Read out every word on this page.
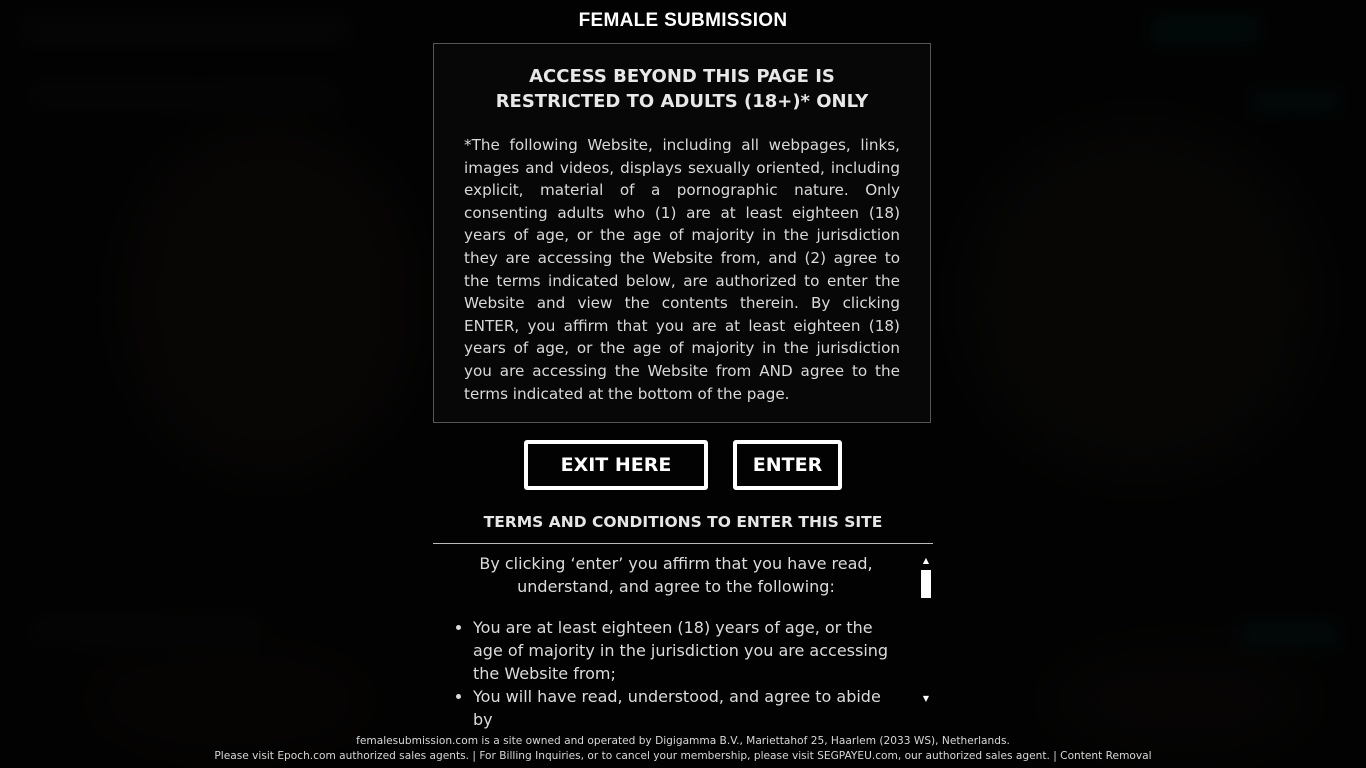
FEMALE SUBMISSION
ACCESS BEYOND THIS PAGE IS
RESTRICTED TO ADULTS (18+)* ONLY
*The following Website, including all webpages, links, images and videos, displays sexually oriented, including explicit, material of a pornographic nature. Only consenting adults who (1) are at least eighteen (18) years of age, or the age of majority in the jurisdiction they are accessing the Website from, and (2) agree to the terms indicated below, are authorized to enter the Website and view the contents therein. By clicking ENTER, you affirm that you are at least eighteen (18) years of age, or the age of majority in the jurisdiction you are accessing the Website from AND agree to the terms indicated at the bottom of the page.
EXIT HERE	ENTER
TERMS AND CONDITIONS TO ENTER THIS SITE

By clicking ‘enter’ you affirm that you have read, understand, and agree to the following:

• You are at least eighteen (18) years of age, or the age of majority in the jurisdiction you are accessing the Website from;
• You will have read, understood, and agree to abide by
▲
▼
femalesubmission.com is a site owned and operated by Digigamma B.V., Mariettahof 25, Haarlem (2033 WS), Netherlands.
Please visit Epoch.com authorized sales agents. | For Billing Inquiries, or to cancel your membership, please visit SEGPAYEU.com, our authorized sales agent. | Content Removal
